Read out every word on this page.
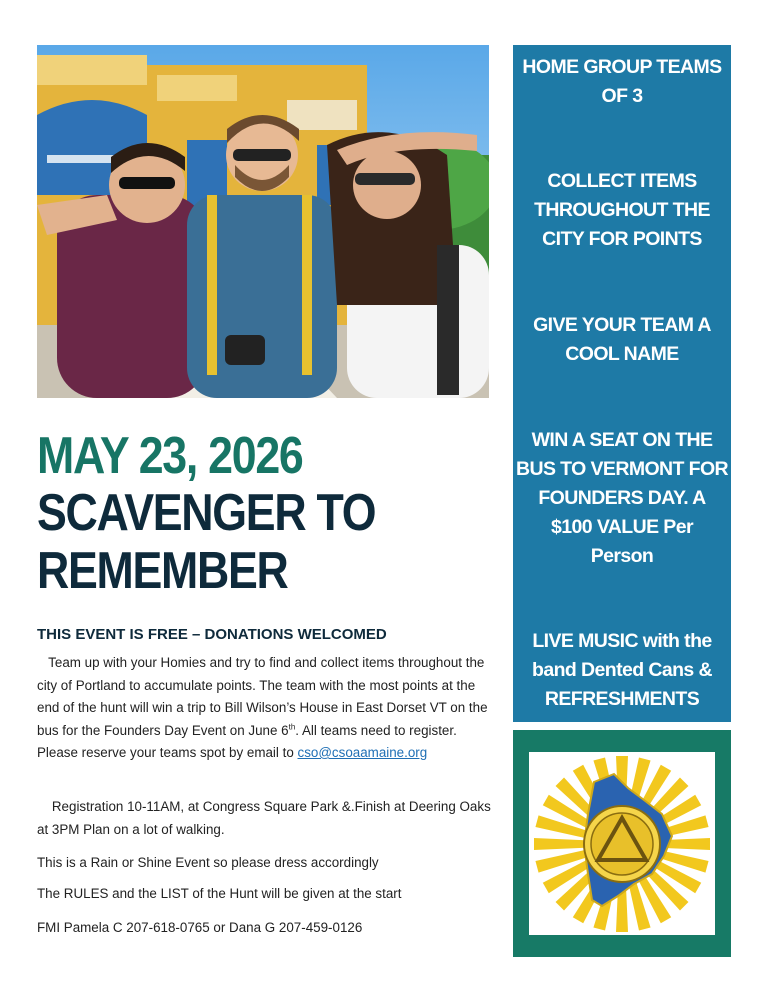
MAY 23, 2026
SCAVENGER TO
REMEMBER

THIS EVENT IS FREE – DONATIONS WELCOMED

Team up with your Homies and try to find and collect items throughout the city of Portland to accumulate points. The team with the most points at the end of the hunt will win a trip to Bill Wilson’s House in East Dorset VT on the bus for the Founders Day Event on June 6th. All teams need to register. Please reserve your teams spot by email to cso@csoaamaine.org

Registration 10-11AM, at Congress Square Park &.Finish at Deering Oaks at 3PM Plan on a lot of walking.

This is a Rain or Shine Event so please dress accordingly

The RULES and the LIST of the Hunt will be given at the start

FMI Pamela C 207-618-0765 or Dana G 207-459-0126

HOME GROUP TEAMS
OF 3
COLLECT ITEMS
THROUGHOUT THE
CITY FOR POINTS
GIVE YOUR TEAM A
COOL NAME
WIN A SEAT ON THE
BUS TO VERMONT FOR
FOUNDERS DAY. A
$100 VALUE Per
Person
LIVE MUSIC with the
band Dented Cans &
REFRESHMENTS
